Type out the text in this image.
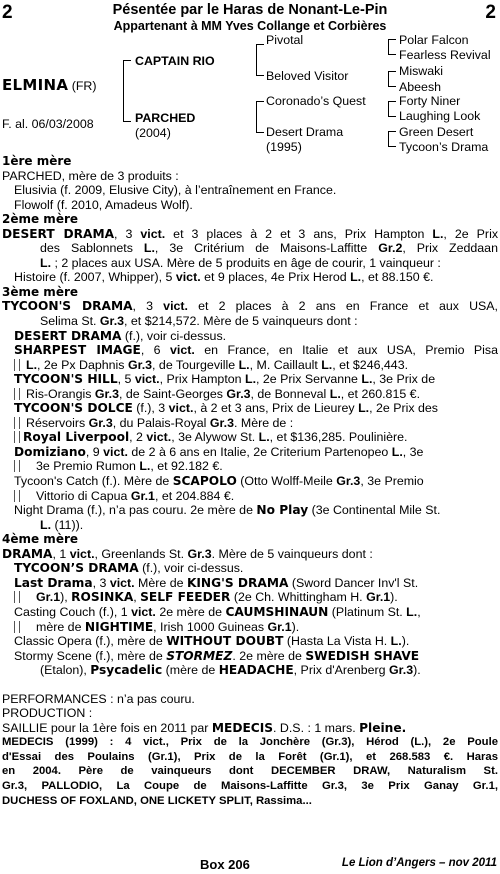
2	2
Pésentée par le Haras de Nonant-Le-Pin
Appartenant à MM Yves Collange et Corbières
ELMINA (FR)
F. al. 06/03/2008
CAPTAIN RIO
PARCHED
(2004)
Pivotal
Beloved Visitor
Coronado’s Quest
Desert Drama
(1995)
Polar Falcon
Fearless Revival
Miswaki
Abeesh
Forty Niner
Laughing Look
Green Desert
Tycoon’s Drama
1ère mère
PARCHED, mère de 3 produits :
Elusivia (f. 2009, Elusive City), à l’entraînement en France.
Flowolf (f. 2010, Amadeus Wolf).
2ème mère
DESERT DRAMA, 3 vict. et 3 places à 2 et 3 ans, Prix Hampton L., 2e Prix
des Sablonnets L., 3e Critérium de Maisons-Laffitte Gr.2, Prix Zeddaan
L. ; 2 places aux USA. Mère de 5 produits en âge de courir, 1 vainqueur :
Histoire (f. 2007, Whipper), 5 vict. et 9 places, 4e Prix Herod L., et 88.150 €.
3ème mère
TYCOON'S DRAMA, 3 vict. et 2 places à 2 ans en France et aux USA,
Selima St. Gr.3, et $214,572. Mère de 5 vainqueurs dont :
DESERT DRAMA (f.), voir ci-dessus.
SHARPEST IMAGE, 6 vict. en France, en Italie et aux USA, Premio Pisa
L., 2e Px Daphnis Gr.3, de Tourgeville L., M. Caillault L., et $246,443.
TYCOON'S HILL, 5 vict., Prix Hampton L., 2e Prix Servanne L., 3e Prix de
Ris-Orangis Gr.3, de Saint-Georges Gr.3, de Bonneval L., et 260.815 €.
TYCOON'S DOLCE (f.), 3 vict., à 2 et 3 ans, Prix de Lieurey L., 2e Prix des
Réservoirs Gr.3, du Palais-Royal Gr.3. Mère de :
Royal Liverpool, 2 vict., 3e Alywow St. L., et $136,285. Poulinière.
Domiziano, 9 vict. de 2 à 6 ans en Italie, 2e Criterium Partenopeo L., 3e
3e Premio Rumon L., et 92.182 €.
Tycoon's Catch (f.). Mère de SCAPOLO (Otto Wolff-Meile Gr.3, 3e Premio
Vittorio di Capua Gr.1, et 204.884 €.
Night Drama (f.), n’a pas couru. 2e mère de No Play (3e Continental Mile St.
L. (11)).
4ème mère
DRAMA, 1 vict., Greenlands St. Gr.3. Mère de 5 vainqueurs dont :
TYCOON’S DRAMA (f.), voir ci-dessus.
Last Drama, 3 vict. Mère de KING'S DRAMA (Sword Dancer Inv'l St.
Gr.1), ROSINKA, SELF FEEDER (2e Ch. Whittingham H. Gr.1).
Casting Couch (f.), 1 vict. 2e mère de CAUMSHINAUN (Platinum St. L.,
mère de NIGHTIME, Irish 1000 Guineas Gr.1).
Classic Opera (f.), mère de WITHOUT DOUBT (Hasta La Vista H. L.).
Stormy Scene (f.), mère de STORMEZ. 2e mère de SWEDISH SHAVE
(Etalon), Psycadelic (mère de HEADACHE, Prix d'Arenberg Gr.3).
PERFORMANCES : n’a pas couru.
PRODUCTION :
SAILLIE pour la 1ère fois en 2011 par MEDECIS. D.S. : 1 mars. Pleine.
MEDECIS (1999) : 4 vict., Prix de la Jonchère (Gr.3), Hérod (L.), 2e Poule
d'Essai des Poulains (Gr.1), Prix de la Forêt (Gr.1), et 268.583 €. Haras
en 2004. Père de vainqueurs dont DECEMBER DRAW, Naturalism St.
Gr.3, PALLODIO, La Coupe de Maisons-Laffitte Gr.3, 3e Prix Ganay Gr.1,
DUCHESS OF FOXLAND, ONE LICKETY SPLIT, Rassima...
Box 206	Le Lion d’Angers – nov 2011
